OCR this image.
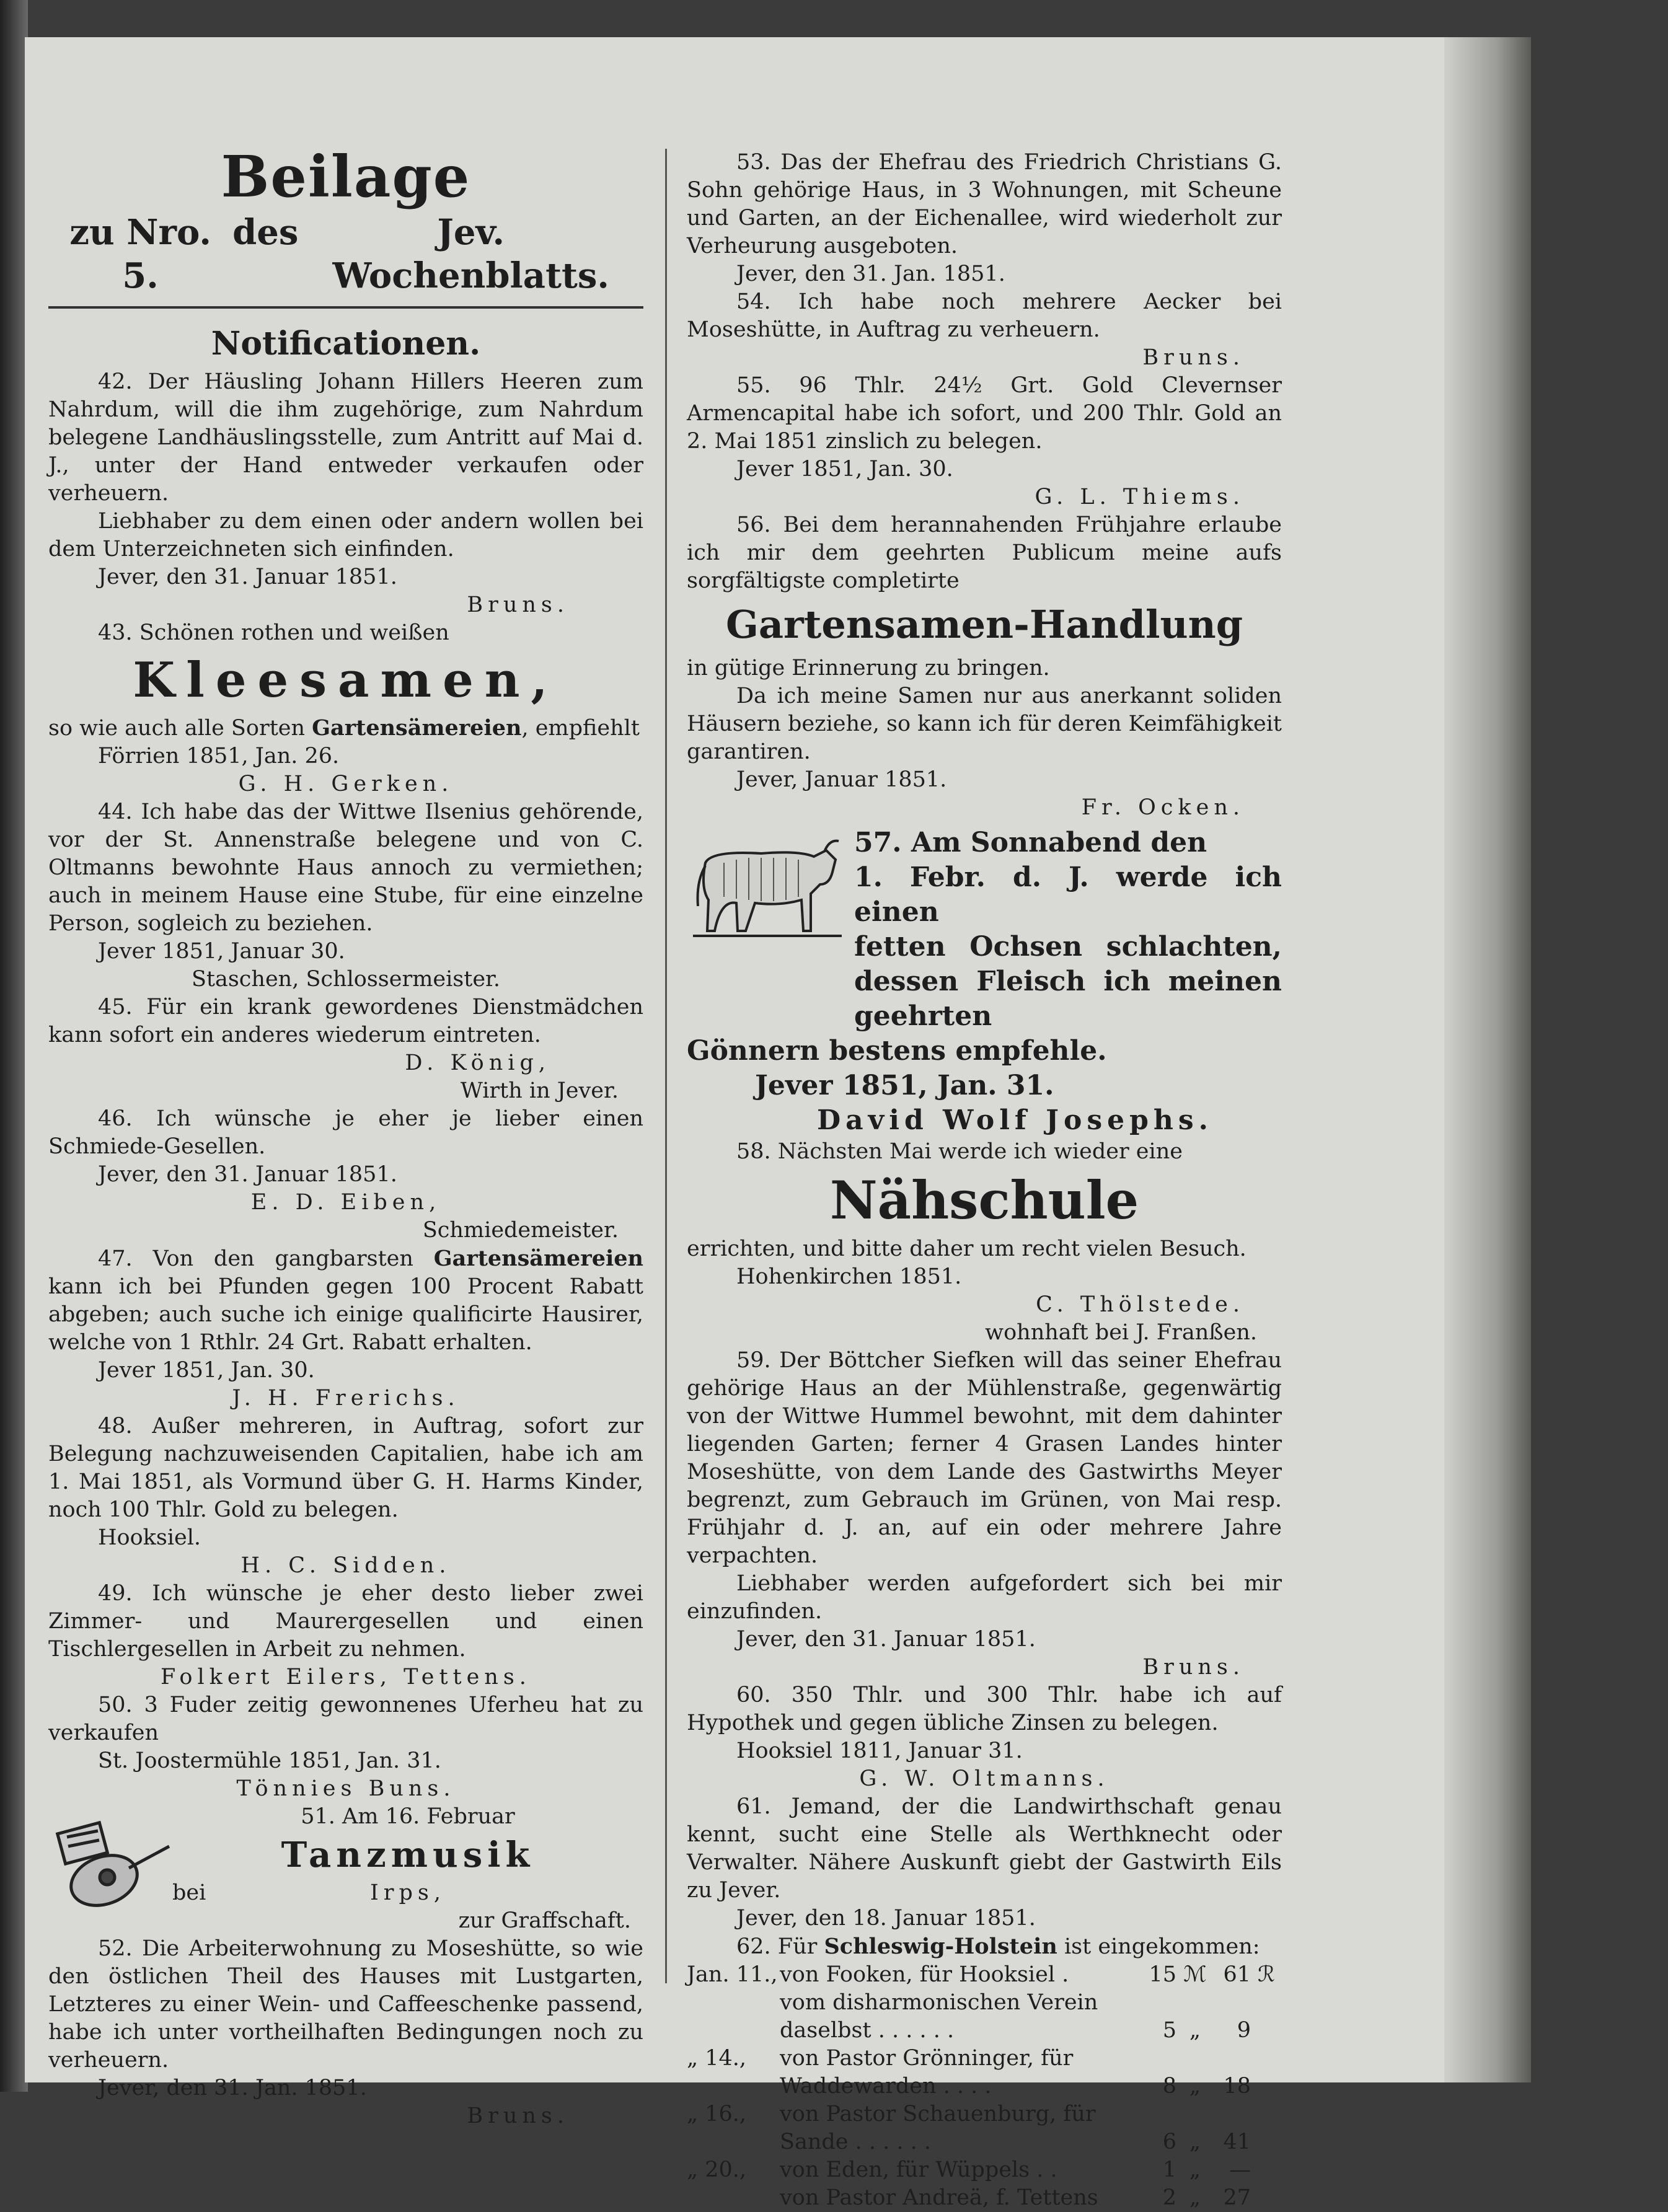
Beilage
zu Nro. 5.
des	Jev. Wochenblatts.
Notificationen.

42. Der Häusling Johann Hillers Heeren zum Nahrdum, will die ihm zugehörige, zum Nahrdum belegene Landhäuslingsstelle, zum Antritt auf Mai d. J., unter der Hand entweder verkaufen oder verheuern.

Liebhaber zu dem einen oder andern wollen bei dem Unterzeichneten sich einfinden.

Jever, den 31. Januar 1851.

Bruns.

43. Schönen rothen und weißen

Kleesamen,

so wie auch alle Sorten Gartensämereien, empfiehlt

Förrien 1851, Jan. 26.

G. H. Gerken.

44. Ich habe das der Wittwe Ilsenius gehörende, vor der St. Annenstraße belegene und von C. Oltmanns bewohnte Haus annoch zu vermiethen; auch in meinem Hause eine Stube, für eine einzelne Person, sogleich zu beziehen.

Jever 1851, Januar 30.

Staschen, Schlossermeister.

45. Für ein krank gewordenes Dienstmädchen kann sofort ein anderes wiederum eintreten.

D. König,

Wirth in Jever.

46. Ich wünsche je eher je lieber einen Schmiede-Gesellen.

Jever, den 31. Januar 1851.

E. D. Eiben,

Schmiedemeister.

47. Von den gangbarsten Gartensämereien kann ich bei Pfunden gegen 100 Procent Rabatt abgeben; auch suche ich einige qualificirte Hausirer, welche von 1 Rthlr. 24 Grt. Rabatt erhalten.

Jever 1851, Jan. 30.

J. H. Frerichs.

48. Außer mehreren, in Auftrag, sofort zur Belegung nachzuweisenden Capitalien, habe ich am 1. Mai 1851, als Vormund über G. H. Harms Kinder, noch 100 Thlr. Gold zu belegen.

Hooksiel.

H. C. Sidden.

49. Ich wünsche je eher desto lieber zwei Zimmer- und Maurergesellen und einen Tischlergesellen in Arbeit zu nehmen.

Folkert Eilers, Tettens.

50. 3 Fuder zeitig gewonnenes Uferheu hat zu verkaufen

St. Joostermühle 1851, Jan. 31.

Tönnies Buns.

51. Am 16. Februar

Tanzmusik

bei	Irps,

zur Graffschaft.

52. Die Arbeiterwohnung zu Moseshütte, so wie den östlichen Theil des Hauses mit Lustgarten, Letzteres zu einer Wein- und Caffeeschenke passend, habe ich unter vortheilhaften Bedingungen noch zu verheuern.

Jever, den 31. Jan. 1851.

Bruns.

53. Das der Ehefrau des Friedrich Christians G. Sohn gehörige Haus, in 3 Wohnungen, mit Scheune und Garten, an der Eichenallee, wird wiederholt zur Verheurung ausgeboten.

Jever, den 31. Jan. 1851.

54. Ich habe noch mehrere Aecker bei Moseshütte, in Auftrag zu verheuern.

Bruns.

55. 96 Thlr. 24½ Grt. Gold Clevernser Armencapital habe ich sofort, und 200 Thlr. Gold an 2. Mai 1851 zinslich zu belegen.

Jever 1851, Jan. 30.

G. L. Thiems.

56. Bei dem herannahenden Frühjahre erlaube ich mir dem geehrten Publicum meine aufs sorgfältigste completirte

Gartensamen-Handlung

in gütige Erinnerung zu bringen.

Da ich meine Samen nur aus anerkannt soliden Häusern beziehe, so kann ich für deren Keimfähigkeit garantiren.

Jever, Januar 1851.

Fr. Ocken.

57. Am Sonnabend den

1. Febr. d. J. werde ich einen

fetten Ochsen schlachten, dessen Fleisch ich meinen geehrten

Gönnern bestens empfehle.

Jever 1851, Jan. 31.

David Wolf Josephs.

58. Nächsten Mai werde ich wieder eine

Nähschule

errichten, und bitte daher um recht vielen Besuch.

Hohenkirchen 1851.

C. Thölstede.

wohnhaft bei J. Franßen.

59. Der Böttcher Siefken will das seiner Ehefrau gehörige Haus an der Mühlenstraße, gegenwärtig von der Wittwe Hummel bewohnt, mit dem dahinter liegenden Garten; ferner 4 Grasen Landes hinter Moseshütte, von dem Lande des Gastwirths Meyer begrenzt, zum Gebrauch im Grünen, von Mai resp. Frühjahr d. J. an, auf ein oder mehrere Jahre verpachten.

Liebhaber werden aufgefordert sich bei mir einzufinden.

Jever, den 31. Januar 1851.

Bruns.

60. 350 Thlr. und 300 Thlr. habe ich auf Hypothek und gegen übliche Zinsen zu belegen.

Hooksiel 1811, Januar 31.

G. W. Oltmanns.

61. Jemand, der die Landwirthschaft genau kennt, sucht eine Stelle als Werthknecht oder Verwalter. Nähere Auskunft giebt der Gastwirth Eils zu Jever.

Jever, den 18. Januar 1851.

62. Für Schleswig-Holstein ist eingekommen:

Jan. 11.,	von Fooken, für Hooksiel .	15	ℳ	61	ℛ
	vom disharmonischen Verein				
	daselbst . . . . . .	5	„	9	
„ 14.,	von Pastor Grönninger, für				
	Waddewarden . . . .	8	„	18	
„ 16.,	von Pastor Schauenburg, für				
	Sande . . . . . .	6	„	41	
„ 20.,	von Eden, für Wüppels . .	1	„	—	
	von Pastor Andreä, f. Tettens	2	„	27	
